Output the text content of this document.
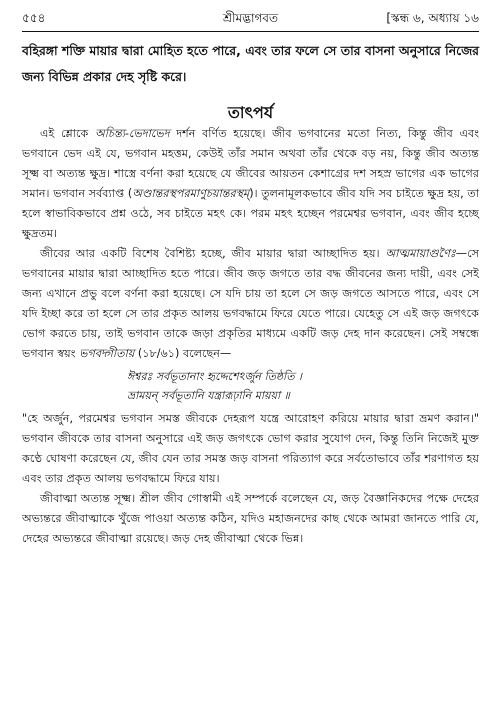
৫৫৪	শ্রীমদ্ভাগবত	[স্কন্ধ ৬, অধ্যায় ১৬
বহিরঙ্গা শক্তি মায়ার দ্বারা মোহিত হতে পারে, এবং তার ফলে সে তার বাসনা অনুসারে নিজের জন্য বিভিন্ন প্রকার দেহ সৃষ্টি করে।
তাৎপর্য

এই শ্লোকে অচিন্ত্য-ভেদাভেদ দর্শন বর্ণিত হয়েছে। জীব ভগবানের মতো নিত্য, কিন্তু জীব এবং ভগবানে ভেদ এই যে, ভগবান মহত্তম, কেউই তাঁর সমান অথবা তাঁর থেকে বড় নয়, কিন্তু জীব অত্যন্ত সূক্ষ্ম বা অত্যন্ত ক্ষুদ্র। শাস্ত্রে বর্ণনা করা হয়েছে যে জীবের আয়তন কেশাগ্রের দশ সহস্র ভাগের এক ভাগের সমান। ভগবান সর্বব্যাপ্ত (অণ্ডান্তরস্থপরমাণুচয়ান্তরস্থম্)। তুলনামূলকভাবে জীব যদি সব চাইতে ক্ষুদ্র হয়, তা হলে স্বাভাবিকভাবে প্রশ্ন ওঠে, সব চাইতে মহৎ কে। পরম মহৎ হচ্ছেন পরমেশ্বর ভগবান, এবং জীব হচ্ছে ক্ষুদ্রতম।

জীবের আর একটি বিশেষ বৈশিষ্ট্য হচ্ছে, জীব মায়ার দ্বারা আচ্ছাদিত হয়। আত্মমায়াগুণৈঃ—সে ভগবানের মায়ার দ্বারা আচ্ছাদিত হতে পারে। জীব জড় জগতে তার বদ্ধ জীবনের জন্য দায়ী, এবং সেই জন্য এখানে প্রভু বলে বর্ণনা করা হয়েছে। সে যদি চায় তা হলে সে জড় জগতে আসতে পারে, এবং সে যদি ইচ্ছা করে তা হলে সে তার প্রকৃত আলয় ভগবদ্ধামে ফিরে যেতে পারে। যেহেতু সে এই জড় জগৎকে ভোগ করতে চায়, তাই ভগবান তাকে জড়া প্রকৃতির মাধ্যমে একটি জড় দেহ দান করেছেন। সেই সম্বন্ধে ভগবান স্বয়ং ভগবদ্গীতায় (১৮/৬১) বলেছেন—

ঈশ্বরঃ সর্বভূতানাং হৃদ্দেশেঽর্জুন তিষ্ঠতি ।
ভ্রাময়ন্ সর্বভূতানি যন্ত্রারূঢ়ানি মায়য়া ॥

"হে অর্জুন, পরমেশ্বর ভগবান সমস্ত জীবকে দেহরূপ যন্ত্রে আরোহণ করিয়ে মায়ার দ্বারা ভ্রমণ করান।" ভগবান জীবকে তার বাসনা অনুসারে এই জড় জগৎকে ভোগ করার সুযোগ দেন, কিন্তু তিনি নিজেই মুক্ত কণ্ঠে ঘোষণা করেছেন যে, জীব যেন তার সমস্ত জড় বাসনা পরিত্যাগ করে সর্বতোভাবে তাঁর শরণাগত হয় এবং তার প্রকৃত আলয় ভগবদ্ধামে ফিরে যায়।

জীবাত্মা অত্যন্ত সূক্ষ্ম। শ্রীল জীব গোস্বামী এই সম্পর্কে বলেছেন যে, জড় বৈজ্ঞানিকদের পক্ষে দেহের অভ্যন্তরে জীবাত্মাকে খুঁজে পাওয়া অত্যন্ত কঠিন, যদিও মহাজনদের কাছ থেকে আমরা জানতে পারি যে, দেহের অভ্যন্তরে জীবাত্মা রয়েছে। জড় দেহ জীবাত্মা থেকে ভিন্ন।
